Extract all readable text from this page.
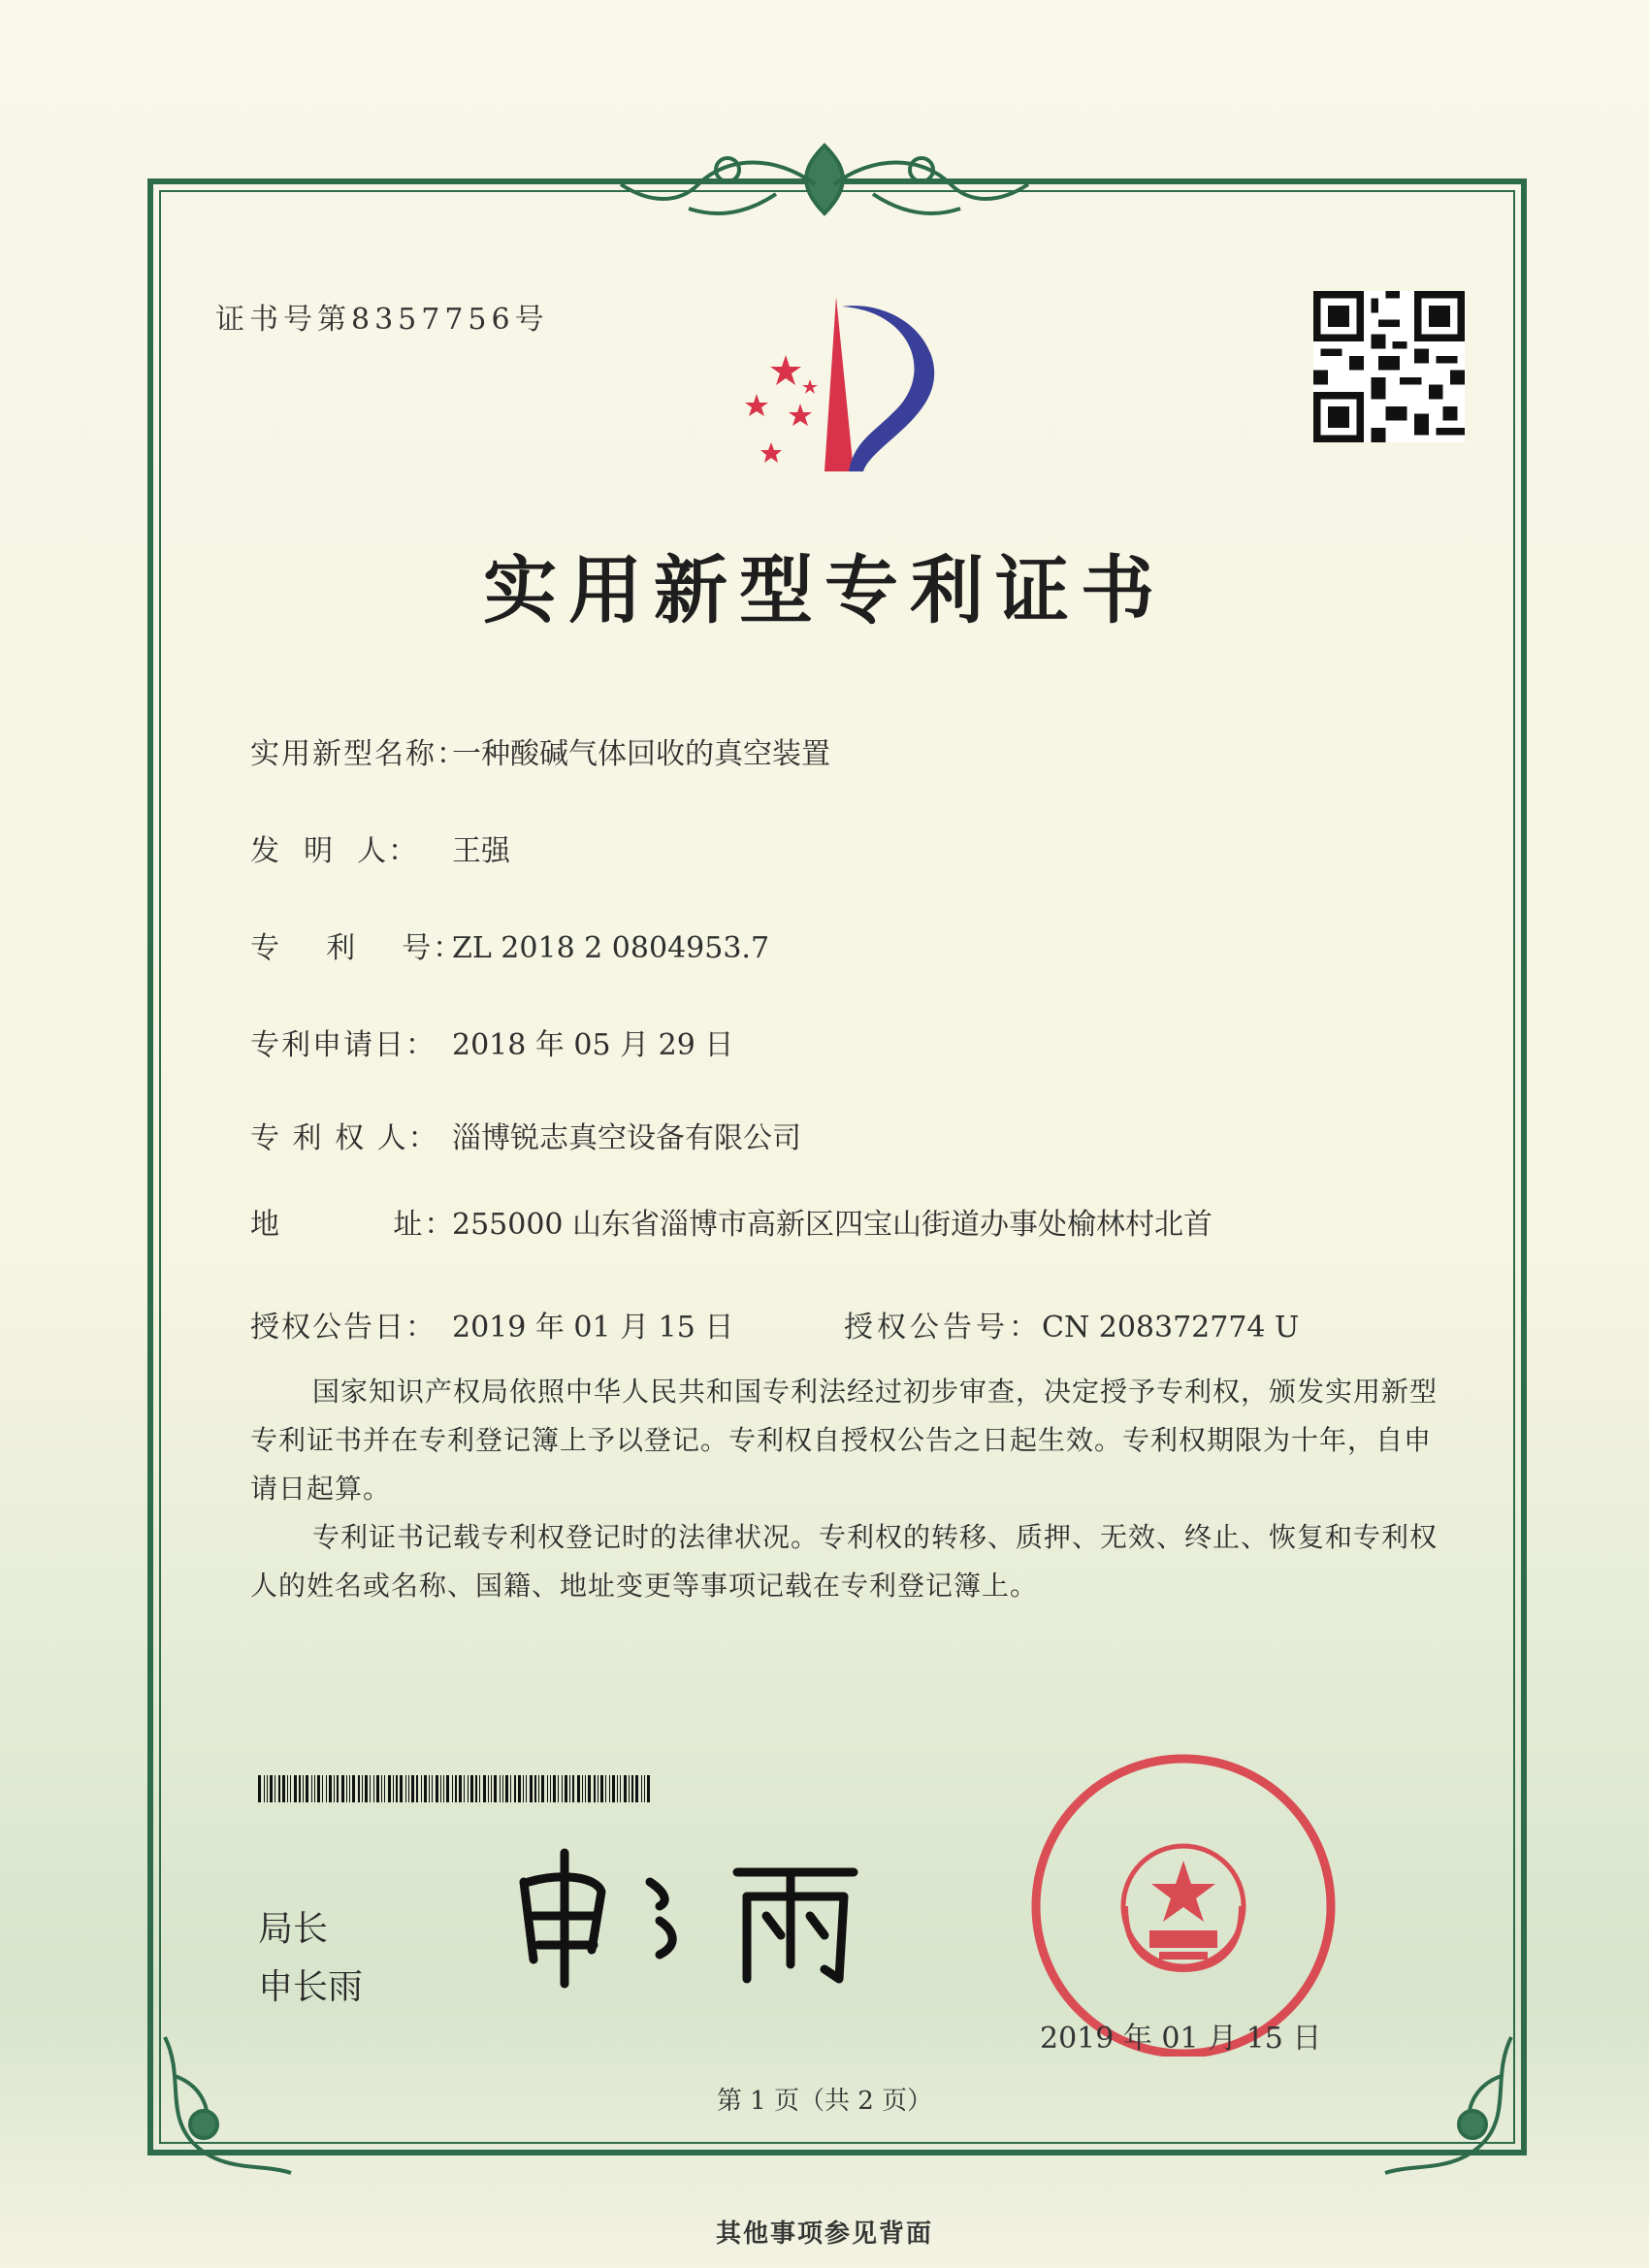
证书号第8357756号
实用新型专利证书
实用新型名称：一种酸碱气体回收的真空装置
发  明  人： 王强
专    利    号：ZL 2018 2 0804953.7
专利申请日： 2018 年 05 月 29 日
专 利 权 人： 淄博锐志真空设备有限公司
地          址：255000 山东省淄博市高新区四宝山街道办事处榆林村北首
授权公告日： 2019 年 01 月 15 日	授权公告号：CN 208372774 U
国家知识产权局依照中华人民共和国专利法经过初步审查，决定授予专利权，颁发实用新型专利证书并在专利登记簿上予以登记。专利权自授权公告之日起生效。专利权期限为十年，自申请日起算。
专利证书记载专利权登记时的法律状况。专利权的转移、质押、无效、终止、恢复和专利权人的姓名或名称、国籍、地址变更等事项记载在专利登记簿上。
局长
申长雨
2019 年 01 月 15 日
第 1 页（共 2 页）
其他事项参见背面
